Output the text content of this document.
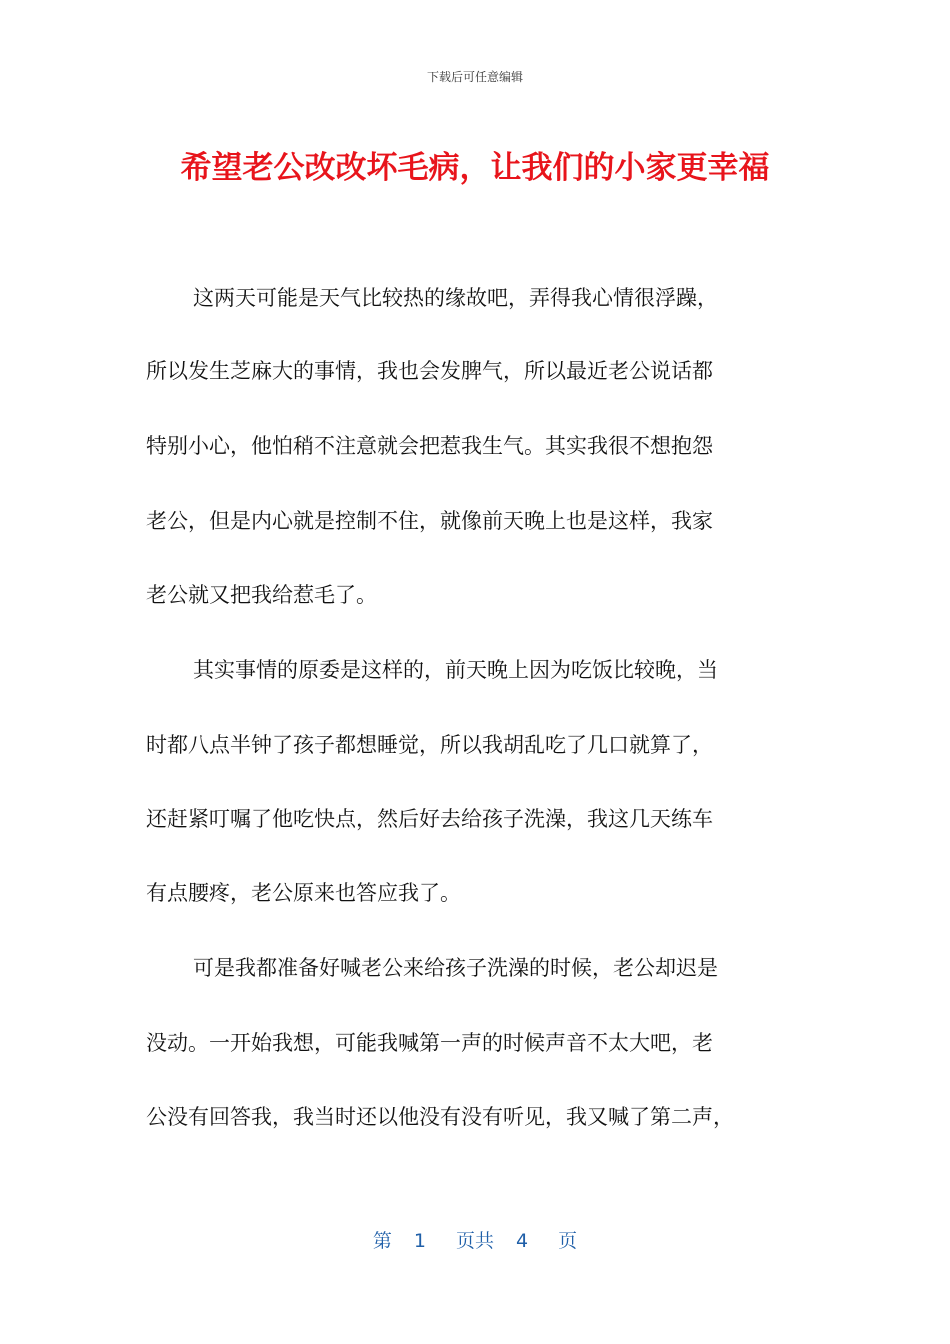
下载后可任意编辑
希望老公改改坏毛病，让我们的小家更幸福
这两天可能是天气比较热的缘故吧，弄得我心情很浮躁，
所以发生芝麻大的事情，我也会发脾气，所以最近老公说话都
特别小心，他怕稍不注意就会把惹我生气。其实我很不想抱怨
老公，但是内心就是控制不住，就像前天晚上也是这样，我家
老公就又把我给惹毛了。
其实事情的原委是这样的，前天晚上因为吃饭比较晚，当
时都八点半钟了孩子都想睡觉，所以我胡乱吃了几口就算了，
还赶紧叮嘱了他吃快点，然后好去给孩子洗澡，我这几天练车
有点腰疼，老公原来也答应我了。
可是我都准备好喊老公来给孩子洗澡的时候，老公却迟是
没动。一开始我想，可能我喊第一声的时候声音不太大吧，老
公没有回答我，我当时还以他没有没有听见，我又喊了第二声，
第 1 页共 4 页
